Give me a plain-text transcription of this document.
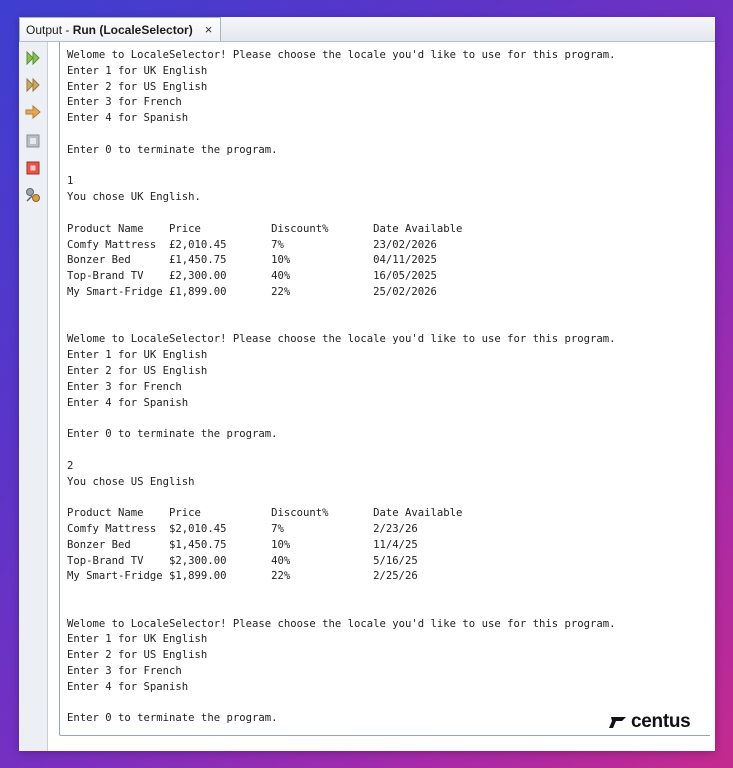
Output - Run (LocaleSelector) ×
Welome to LocaleSelector! Please choose the locale you'd like to use for this program.
Enter 1 for UK English
Enter 2 for US English
Enter 3 for French
Enter 4 for Spanish

Enter 0 to terminate the program.

1
You chose UK English.

Product Name    Price           Discount%       Date Available
Comfy Mattress  £2,010.45       7%              23/02/2026
Bonzer Bed      £1,450.75       10%             04/11/2025
Top-Brand TV    £2,300.00       40%             16/05/2025
My Smart-Fridge £1,899.00       22%             25/02/2026

Welome to LocaleSelector! Please choose the locale you'd like to use for this program.
Enter 1 for UK English
Enter 2 for US English
Enter 3 for French
Enter 4 for Spanish

Enter 0 to terminate the program.

2
You chose US English

Product Name    Price           Discount%       Date Available
Comfy Mattress  $2,010.45       7%              2/23/26
Bonzer Bed      $1,450.75       10%             11/4/25
Top-Brand TV    $2,300.00       40%             5/16/25
My Smart-Fridge $1,899.00       22%             2/25/26

Welome to LocaleSelector! Please choose the locale you'd like to use for this program.
Enter 1 for UK English
Enter 2 for US English
Enter 3 for French
Enter 4 for Spanish

Enter 0 to terminate the program.	centus
